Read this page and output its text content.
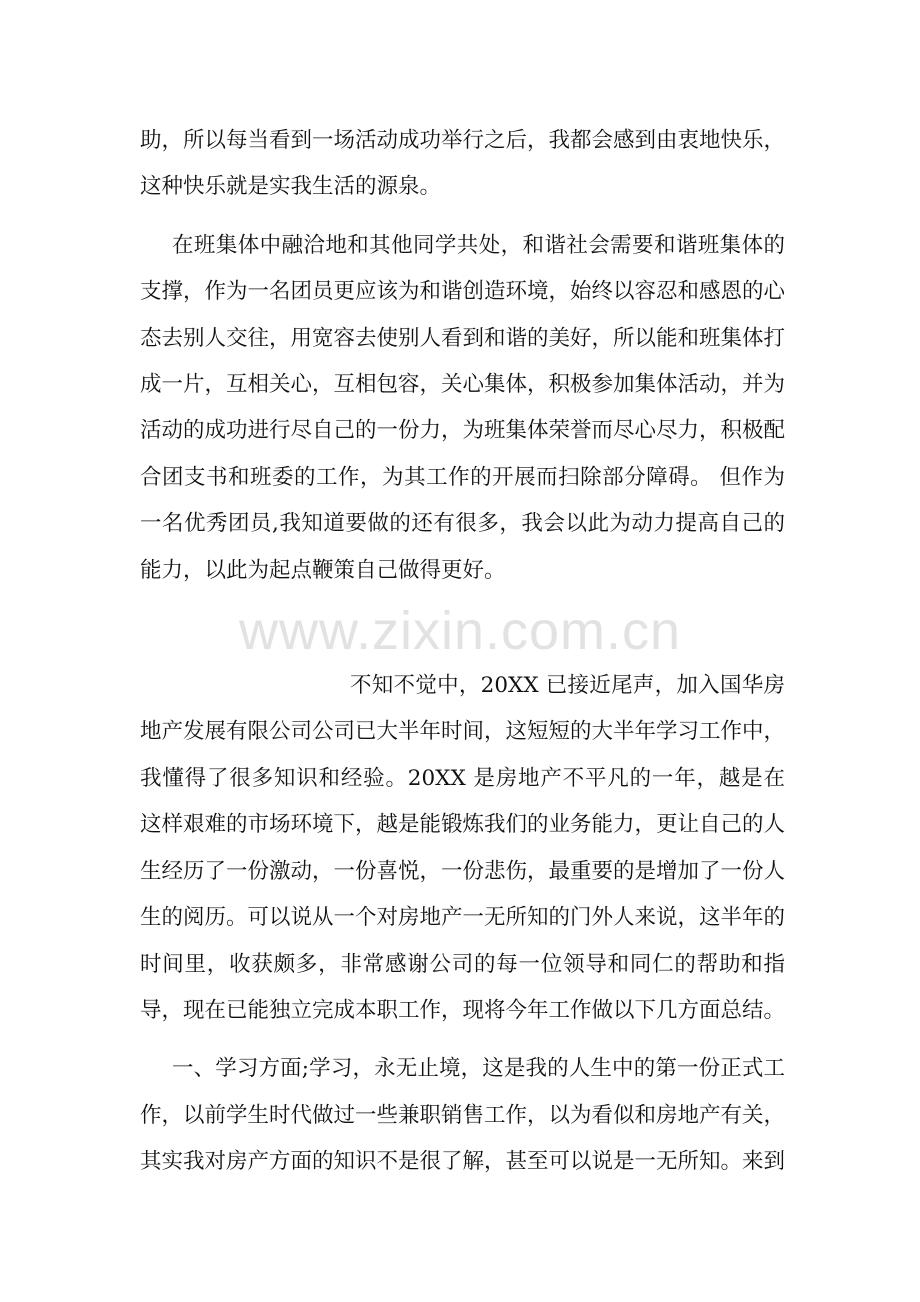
助，所以每当看到一场活动成功举行之后，我都会感到由衷地快乐，这种快乐就是实我生活的源泉。

在班集体中融洽地和其他同学共处，和谐社会需要和谐班集体的支撑，作为一名团员更应该为和谐创造环境，始终以容忍和感恩的心态去别人交往，用宽容去使别人看到和谐的美好，所以能和班集体打成一片，互相关心，互相包容，关心集体，积极参加集体活动，并为活动的成功进行尽自己的一份力，为班集体荣誉而尽心尽力，积极配合团支书和班委的工作，为其工作的开展而扫除部分障碍。 但作为一名优秀团员,我知道要做的还有很多，我会以此为动力提高自己的能力，以此为起点鞭策自己做得更好。

不知不觉中，20XX 已接近尾声，加入国华房地产发展有限公司公司已大半年时间，这短短的大半年学习工作中，我懂得了很多知识和经验。20XX 是房地产不平凡的一年，越是在这样艰难的市场环境下，越是能锻炼我们的业务能力，更让自己的人生经历了一份激动，一份喜悦，一份悲伤，最重要的是增加了一份人生的阅历。可以说从一个对房地产一无所知的门外人来说，这半年的时间里，收获颇多，非常感谢公司的每一位领导和同仁的帮助和指导，现在已能独立完成本职工作，现将今年工作做以下几方面总结。

一、学习方面;学习，永无止境，这是我的人生中的第一份正式工作，以前学生时代做过一些兼职销售工作，以为看似和房地产有关，其实我对房产方面的知识不是很了解，甚至可以说是一无所知。来到

www.zixin.com.cn
